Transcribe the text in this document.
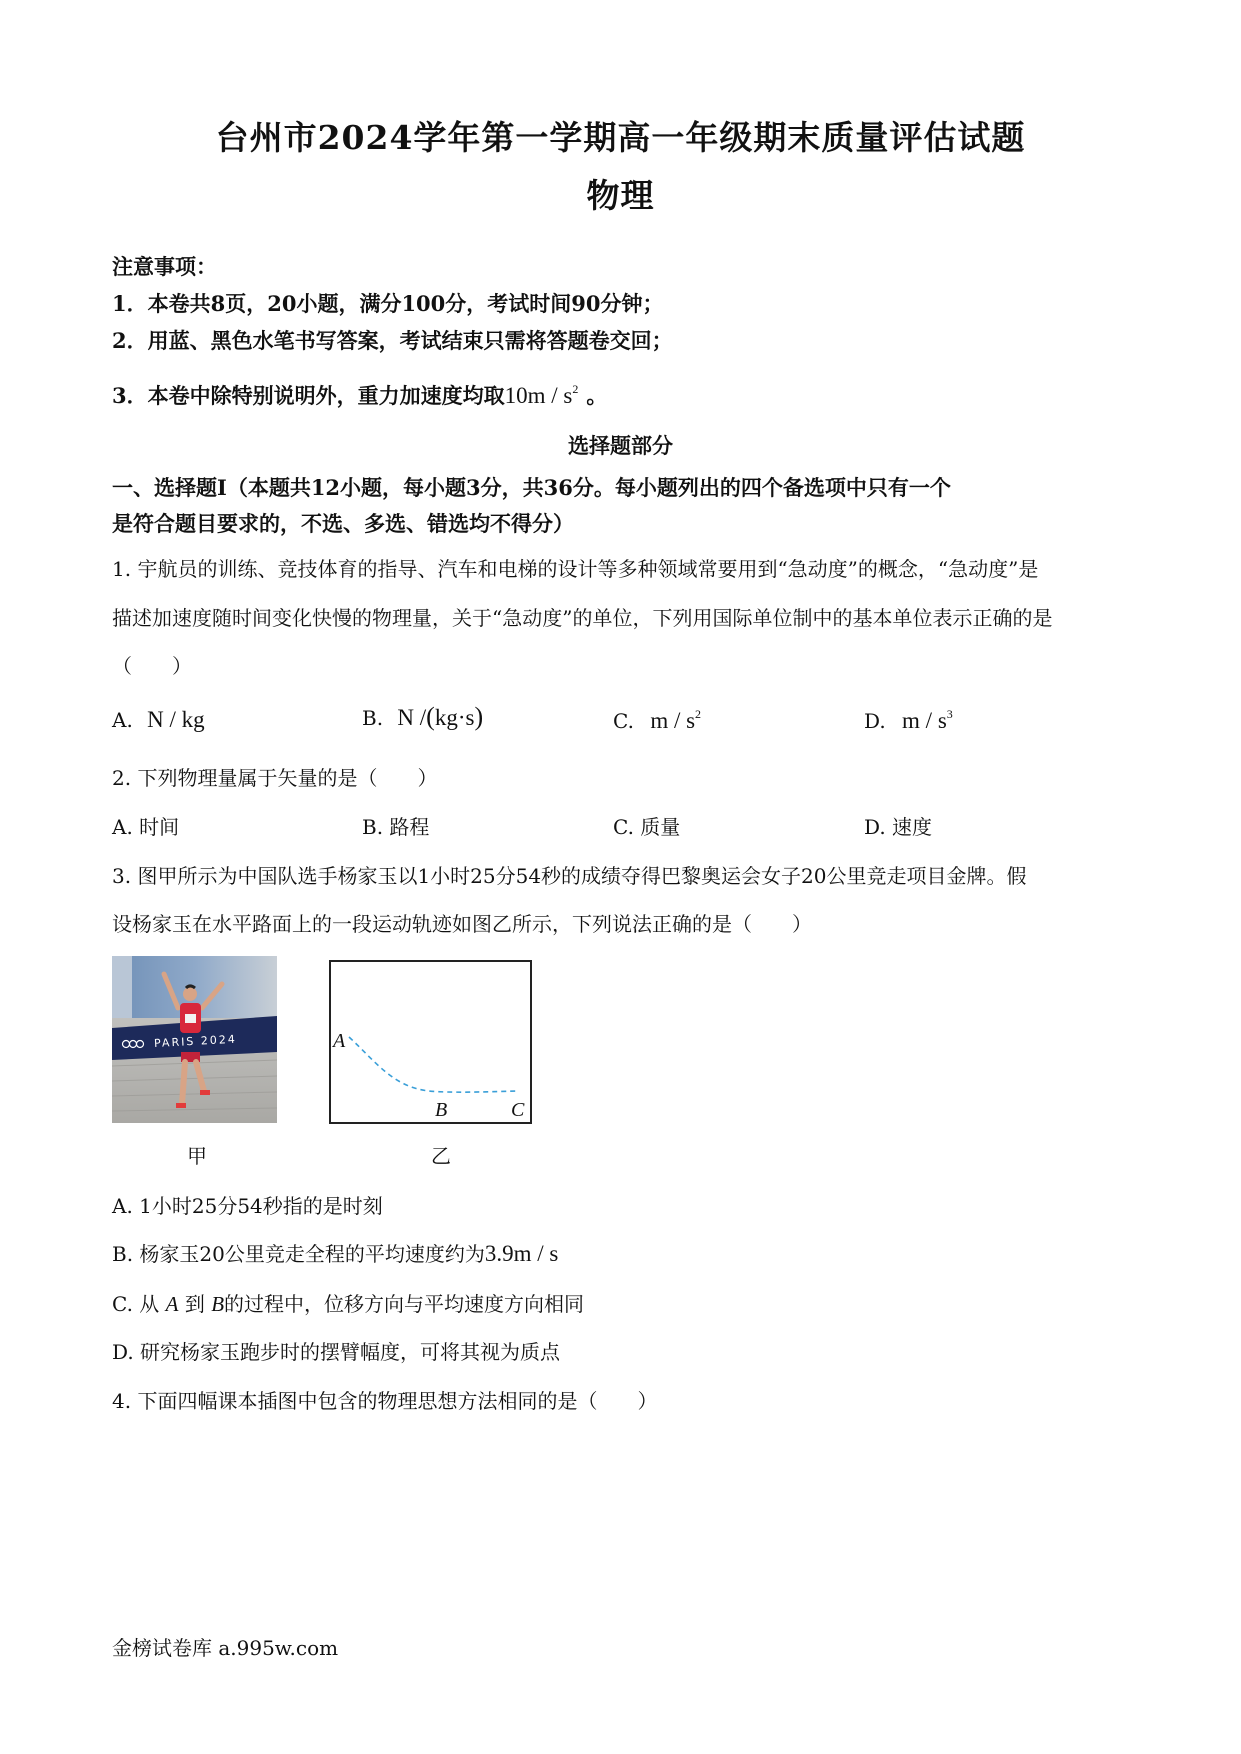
台州市2024学年第一学期高一年级期末质量评估试题
物理
注意事项：
1．本卷共8页，20小题，满分100分，考试时间90分钟；
2．用蓝、黑色水笔书写答案，考试结束只需将答题卷交回；
3．本卷中除特别说明外，重力加速度均取$10m / s^2$ 。
选择题部分
一、选择题Ⅰ（本题共12小题，每小题3分，共36分。每小题列出的四个备选项中只有一个
是符合题目要求的，不选、多选、错选均不得分）
1. 宇航员的训练、竞技体育的指导、汽车和电梯的设计等多种领域常要用到“急动度”的概念，“急动度”是
描述加速度随时间变化快慢的物理量，关于“急动度”的单位，下列用国际单位制中的基本单位表示正确的是
（　　）
A. N / kg	B. N /(kg·s)	C. m / $s^2$	D. m / $s^3$
2. 下列物理量属于矢量的是（　　）
A. 时间	B. 路程	C. 质量	D. 速度
3. 图甲所示为中国队选手杨家玉以1小时25分54秒的成绩夺得巴黎奥运会女子20公里竞走项目金牌。假
设杨家玉在水平路面上的一段运动轨迹如图乙所示，下列说法正确的是（　　）
PARIS 2024
甲
A
B	C
乙
A. 1小时25分54秒指的是时刻
B. 杨家玉20公里竞走全程的平均速度约为3.9m / s
C. 从 A 到 B的过程中，位移方向与平均速度方向相同
D. 研究杨家玉跑步时的摆臂幅度，可将其视为质点
4. 下面四幅课本插图中包含的物理思想方法相同的是（　　）
金榜试卷库 a.995w.com
